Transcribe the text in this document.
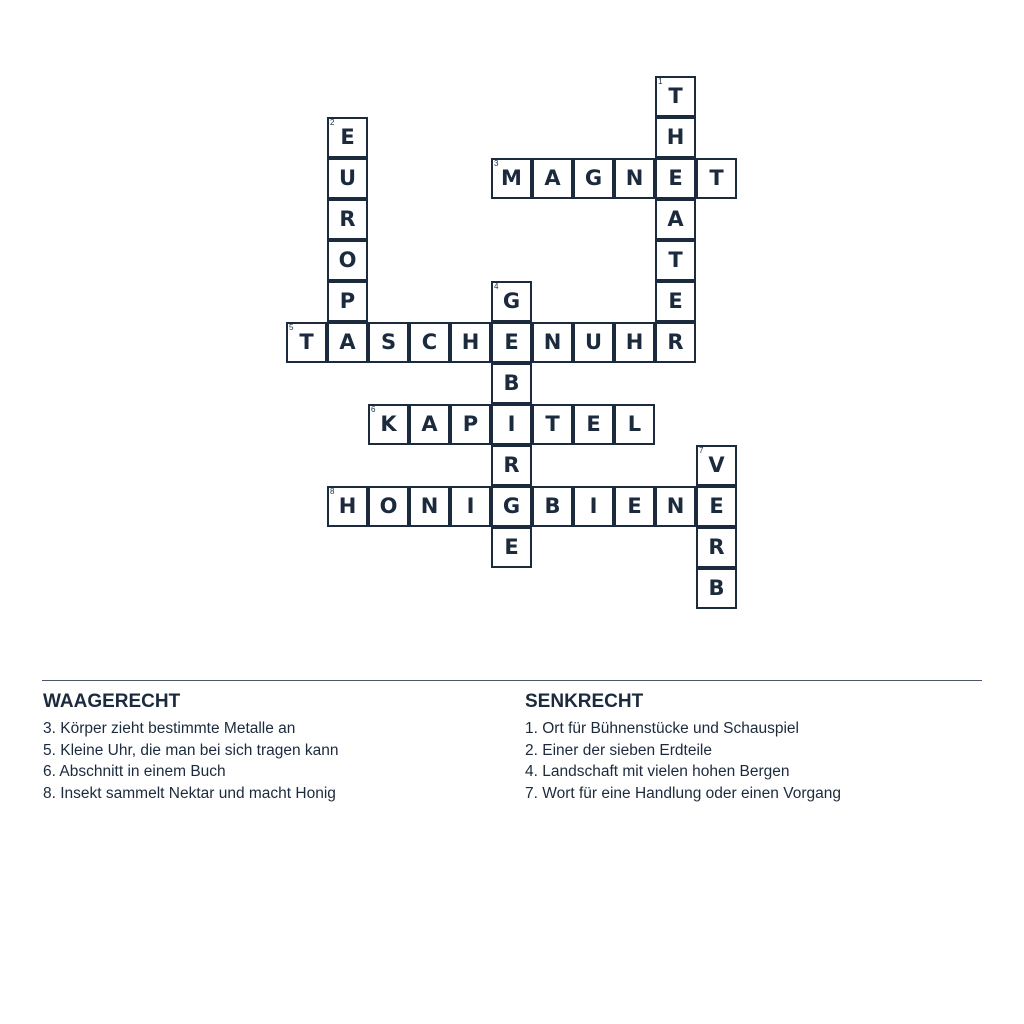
1
T
H
E
A
T
E
R
2
E
U
R
O
P
A
3
M A G N	T
4
G
E
B
I
R
G
E
5
T	S C H	N U H
6
K A P	T E L
7
V
E
R
B
8
H O N I	B I E N
WAAGERECHT
3. Körper zieht bestimmte Metalle an
5. Kleine Uhr, die man bei sich tragen kann
6. Abschnitt in einem Buch
8. Insekt sammelt Nektar und macht Honig
SENKRECHT
1. Ort für Bühnenstücke und Schauspiel
2. Einer der sieben Erdteile
4. Landschaft mit vielen hohen Bergen
7. Wort für eine Handlung oder einen Vorgang
